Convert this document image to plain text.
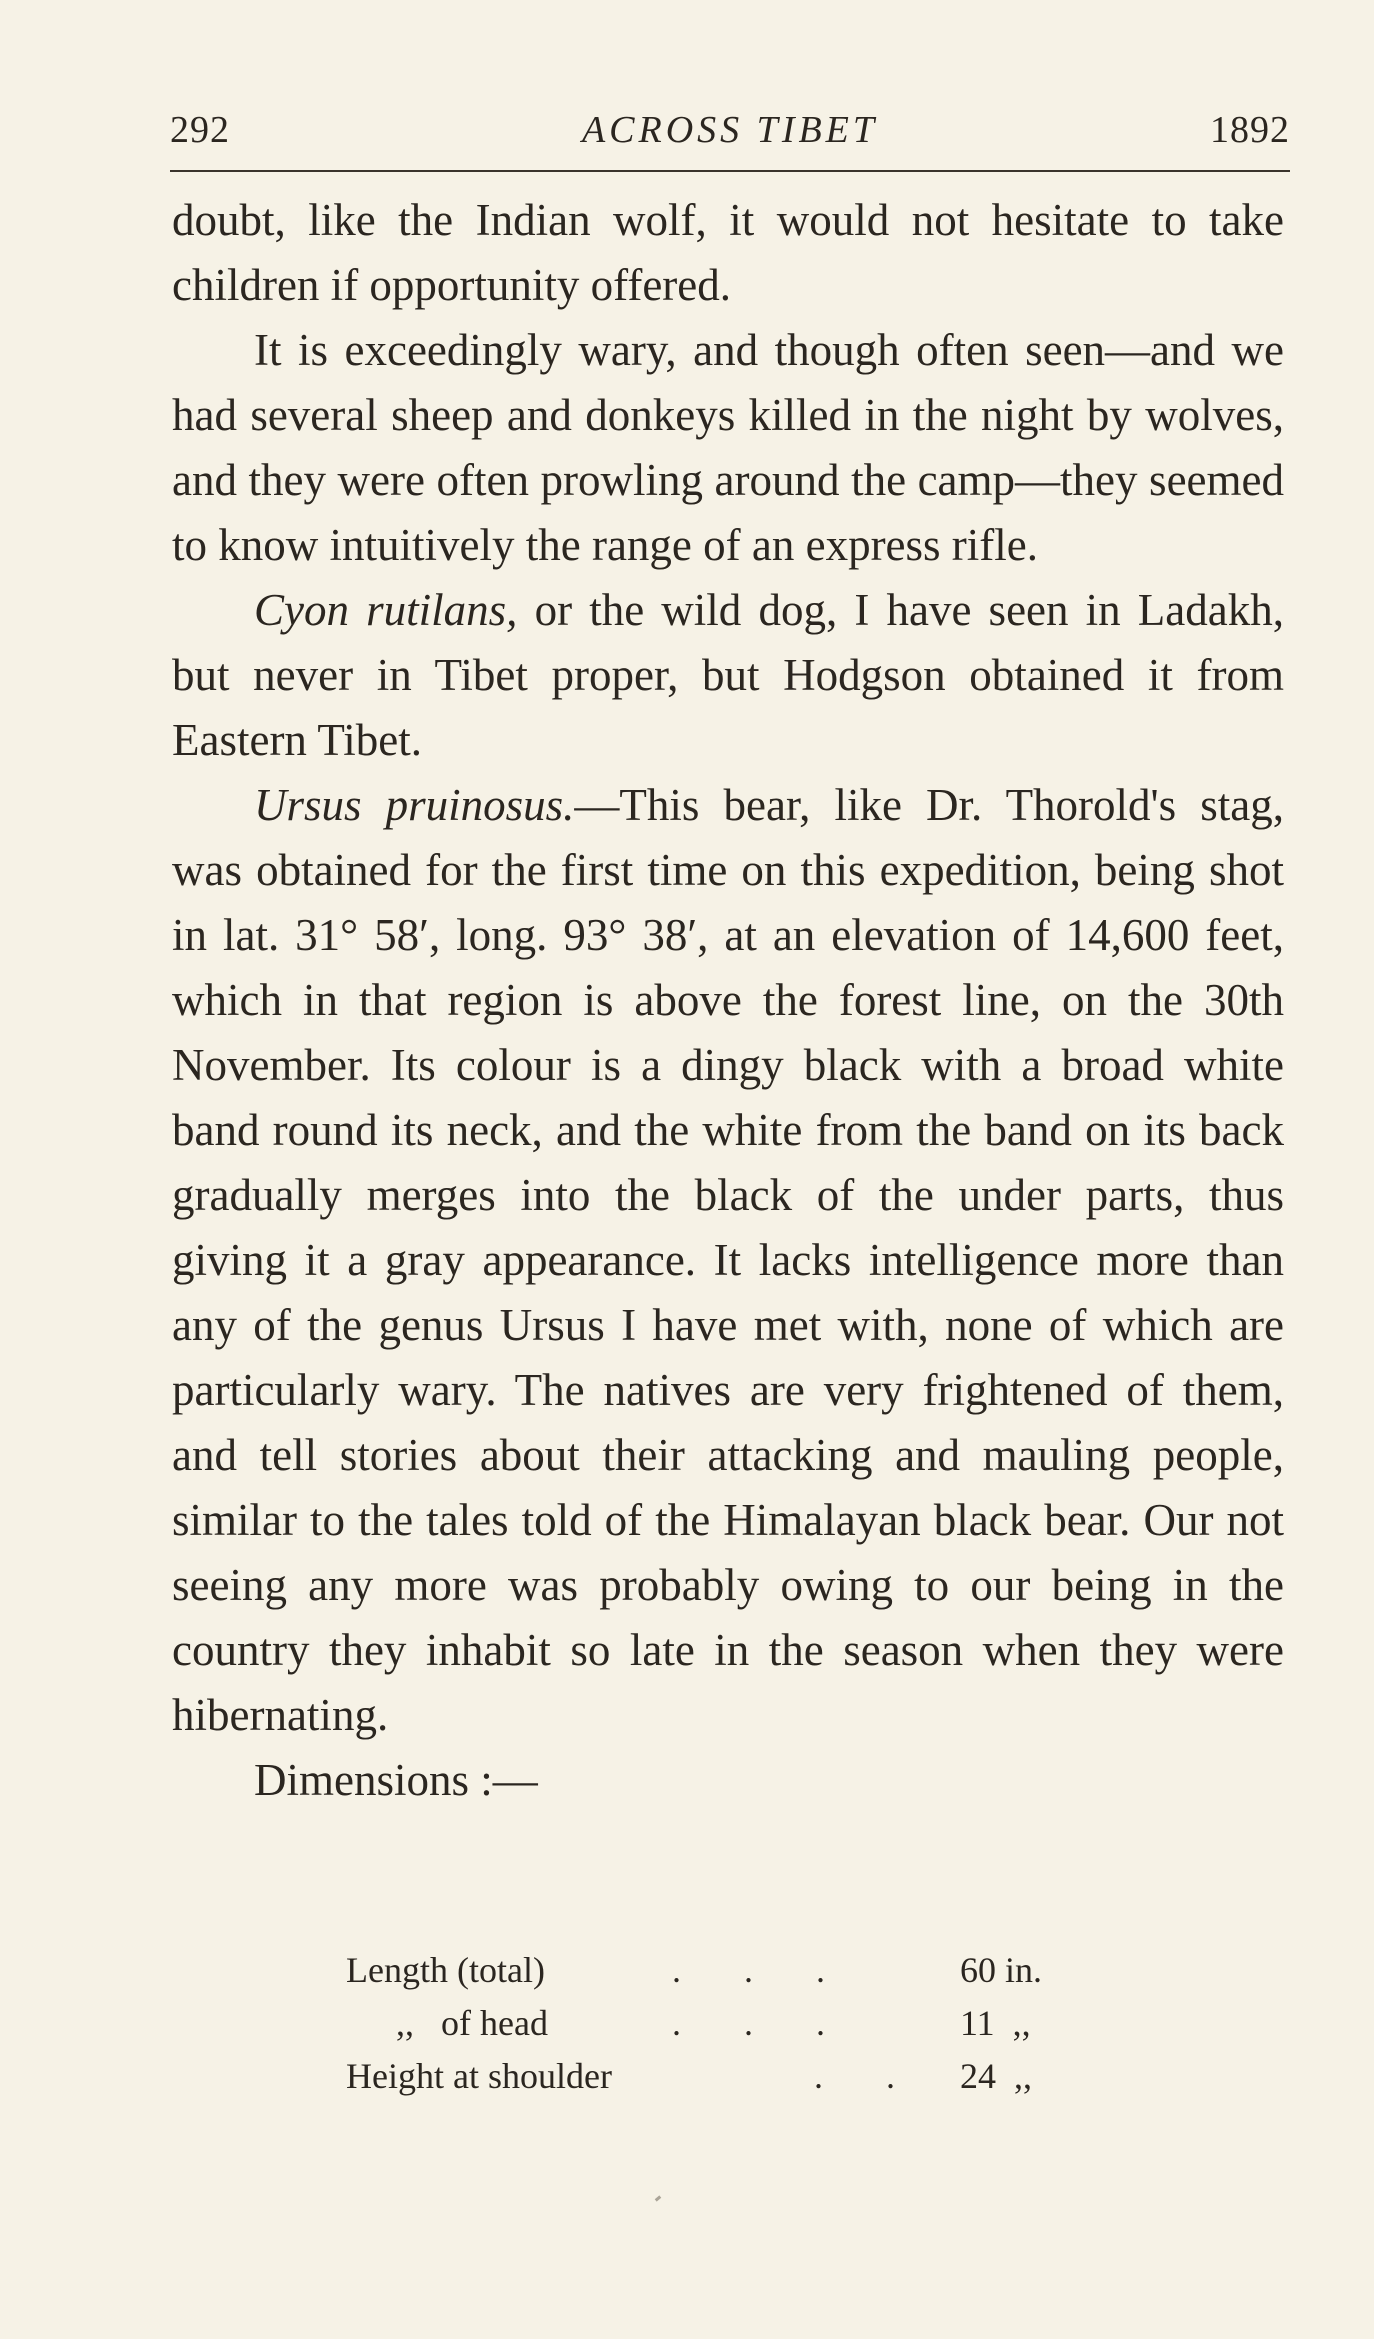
292	ACROSS TIBET	1892

doubt, like the Indian wolf, it would not hesitate to take children if opportunity offered.

It is exceedingly wary, and though often seen—and we had several sheep and donkeys killed in the night by wolves, and they were often prowling around the camp—they seemed to know intuitively the range of an express rifle.

Cyon rutilans, or the wild dog, I have seen in Ladakh, but never in Tibet proper, but Hodgson obtained it from Eastern Tibet.

Ursus pruinosus.—This bear, like Dr. Thorold's stag, was obtained for the first time on this expedition, being shot in lat. 31° 58′, long. 93° 38′, at an elevation of 14,600 feet, which in that region is above the forest line, on the 30th November. Its colour is a dingy black with a broad white band round its neck, and the white from the band on its back gradually merges into the black of the under parts, thus giving it a gray appearance. It lacks intelligence more than any of the genus Ursus I have met with, none of which are particularly wary. The natives are very frightened of them, and tell stories about their attacking and mauling people, similar to the tales told of the Himalayan black bear. Our not seeing any more was probably owing to our being in the country they inhabit so late in the season when they were hibernating.

Dimensions :—

Length (total)	.       .       .	60 in.
,,   of head	.       .       .	11  ,,
Height at shoulder	.       . 24  ,,
